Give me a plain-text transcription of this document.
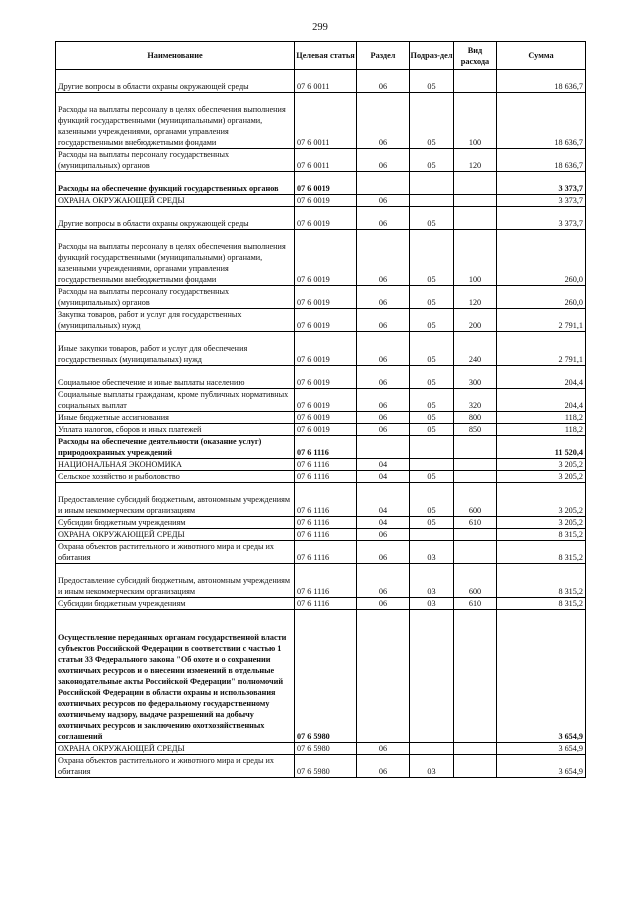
299
Наименование	Целевая статья	Раздел	Подраз-дел	Вид расхода	Сумма
Другие вопросы в области охраны окружающей среды	07 6 0011	06	05		18 636,7
Расходы на выплаты персоналу в целях обеспечения выполнения функций государственными (муниципальными) органами, казенными учреждениями, органами управления государственными внебюджетными фондами	07 6 0011	06	05	100	18 636,7
Расходы на выплаты персоналу государственных (муниципальных) органов	07 6 0011	06	05	120	18 636,7
Расходы на обеспечение функций государственных органов	07 6 0019				3 373,7
ОХРАНА ОКРУЖАЮЩЕЙ СРЕДЫ	07 6 0019	06			3 373,7
Другие вопросы в области охраны окружающей среды	07 6 0019	06	05		3 373,7
Расходы на выплаты персоналу в целях обеспечения выполнения функций государственными (муниципальными) органами, казенными учреждениями, органами управления государственными внебюджетными фондами	07 6 0019	06	05	100	260,0
Расходы на выплаты персоналу государственных (муниципальных) органов	07 6 0019	06	05	120	260,0
Закупка товаров, работ и услуг для государственных (муниципальных) нужд	07 6 0019	06	05	200	2 791,1
Иные закупки товаров, работ и услуг для обеспечения государственных (муниципальных) нужд	07 6 0019	06	05	240	2 791,1
Социальное обеспечение и иные выплаты населению	07 6 0019	06	05	300	204,4
Социальные выплаты гражданам, кроме публичных нормативных социальных выплат	07 6 0019	06	05	320	204,4
Иные бюджетные ассигнования	07 6 0019	06	05	800	118,2
Уплата налогов, сборов и иных платежей	07 6 0019	06	05	850	118,2
Расходы на обеспечение деятельности (оказание услуг) природоохранных учреждений	07 6 1116				11 520,4
НАЦИОНАЛЬНАЯ ЭКОНОМИКА	07 6 1116	04			3 205,2
Сельское хозяйство и рыболовство	07 6 1116	04	05		3 205,2
Предоставление субсидий бюджетным, автономным учреждениям и иным некоммерческим организациям	07 6 1116	04	05	600	3 205,2
Субсидии бюджетным учреждениям	07 6 1116	04	05	610	3 205,2
ОХРАНА ОКРУЖАЮЩЕЙ СРЕДЫ	07 6 1116	06			8 315,2
Охрана объектов растительного и животного мира и среды их обитания	07 6 1116	06	03		8 315,2
Предоставление субсидий бюджетным, автономным учреждениям и иным некоммерческим организациям	07 6 1116	06	03	600	8 315,2
Субсидии бюджетным учреждениям	07 6 1116	06	03	610	8 315,2
Осуществление переданных органам государственной власти субъектов Российской Федерации в соответствии с частью 1 статьи 33 Федерального закона "Об охоте и о сохранении охотничьих ресурсов и о внесении изменений в отдельные законодательные акты Российской Федерации" полномочий Российской Федерации в области охраны и использования охотничьих ресурсов по федеральному государственному охотничьему надзору, выдаче разрешений на добычу охотничьих ресурсов и заключению охотхозяйственных соглашений	07 6 5980				3 654,9
ОХРАНА ОКРУЖАЮЩЕЙ СРЕДЫ	07 6 5980	06			3 654,9
Охрана объектов растительного и животного мира и среды их обитания	07 6 5980	06	03		3 654,9
